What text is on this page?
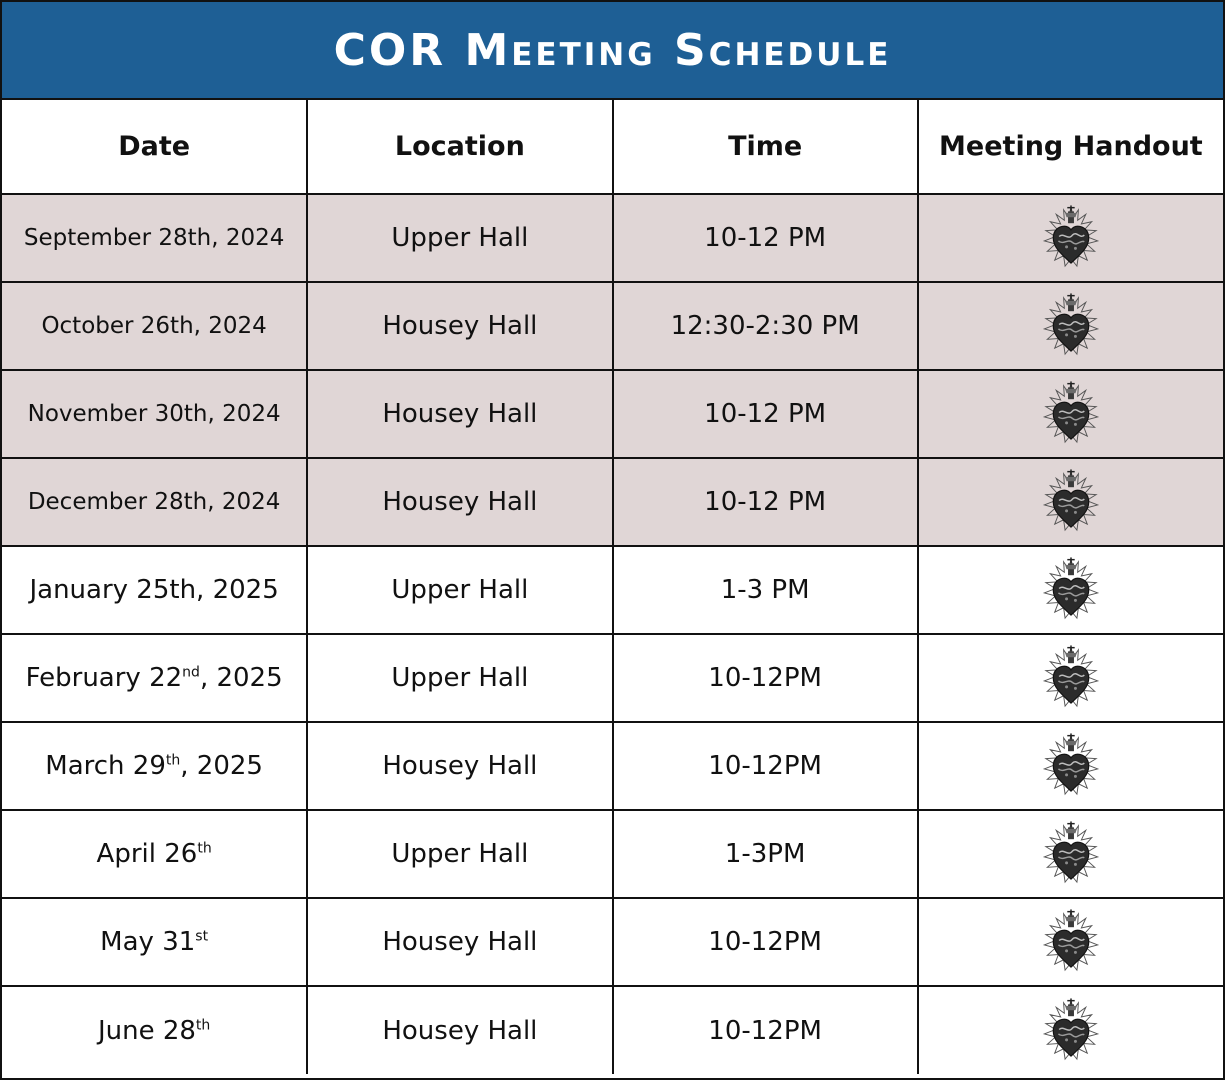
COR Meeting Schedule
Date	Location	Time	Meeting Handout
September 28th, 2024	Upper Hall	10-12 PM	
October 26th, 2024	Housey Hall	12:30-2:30 PM	
November 30th, 2024	Housey Hall	10-12 PM	
December 28th, 2024	Housey Hall	10-12 PM	
January 25th, 2025	Upper Hall	1-3 PM	
February 22nd, 2025	Upper Hall	10-12PM	
March 29th, 2025	Housey Hall	10-12PM	
April 26th	Upper Hall	1-3PM	
May 31st	Housey Hall	10-12PM	
June 28th	Housey Hall	10-12PM	
